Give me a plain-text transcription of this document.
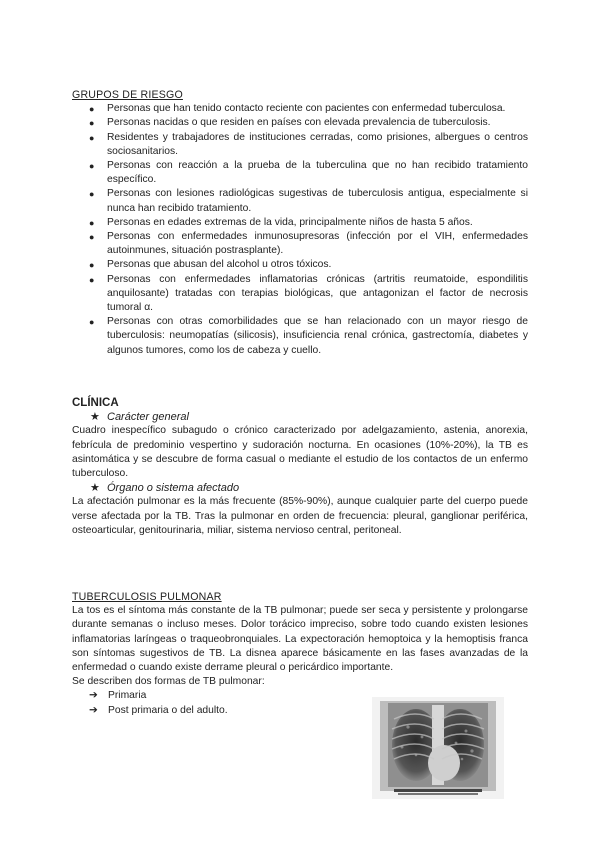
GRUPOS DE RIESGO
● Personas que han tenido contacto reciente con pacientes con enfermedad tuberculosa.
● Personas nacidas o que residen en países con elevada prevalencia de tuberculosis.
● Residentes y trabajadores de instituciones cerradas, como prisiones, albergues o centros sociosanitarios.
● Personas con reacción a la prueba de la tuberculina que no han recibido tratamiento específico.
● Personas con lesiones radiológicas sugestivas de tuberculosis antigua, especialmente si nunca han recibido tratamiento.
● Personas en edades extremas de la vida, principalmente niños de hasta 5 años.
● Personas con enfermedades inmunosupresoras (infección por el VIH, enfermedades autoinmunes, situación postrasplante).
● Personas que abusan del alcohol u otros tóxicos.
● Personas con enfermedades inflamatorias crónicas (artritis reumatoide, espondilitis anquilosante) tratadas con terapias biológicas, que antagonizan el factor de necrosis tumoral α.
● Personas con otras comorbilidades que se han relacionado con un mayor riesgo de tuberculosis: neumopatías (silicosis), insuficiencia renal crónica, gastrectomía, diabetes y algunos tumores, como los de cabeza y cuello.
CLÍNICA
★ Carácter general
Cuadro inespecífico subagudo o crónico caracterizado por adelgazamiento, astenia, anorexia, febrícula de predominio vespertino y sudoración nocturna. En ocasiones (10%-20%), la TB es asintomática y se descubre de forma casual o mediante el estudio de los contactos de un enfermo tuberculoso.
★ Órgano o sistema afectado
La afectación pulmonar es la más frecuente (85%-90%), aunque cualquier parte del cuerpo puede verse afectada por la TB. Tras la pulmonar en orden de frecuencia: pleural, ganglionar periférica, osteoarticular, genitourinaria, miliar, sistema nervioso central, peritoneal.
TUBERCULOSIS PULMONAR
La tos es el síntoma más constante de la TB pulmonar; puede ser seca y persistente y prolongarse durante semanas o incluso meses. Dolor torácico impreciso, sobre todo cuando existen lesiones inflamatorias laríngeas o traqueobronquiales. La expectoración hemoptoica y la hemoptisis franca son síntomas sugestivos de TB. La disnea aparece básicamente en las fases avanzadas de la enfermedad o cuando existe derrame pleural o pericárdico importante.
Se describen dos formas de TB pulmonar:
➔ Primaria
➔ Post primaria o del adulto.
